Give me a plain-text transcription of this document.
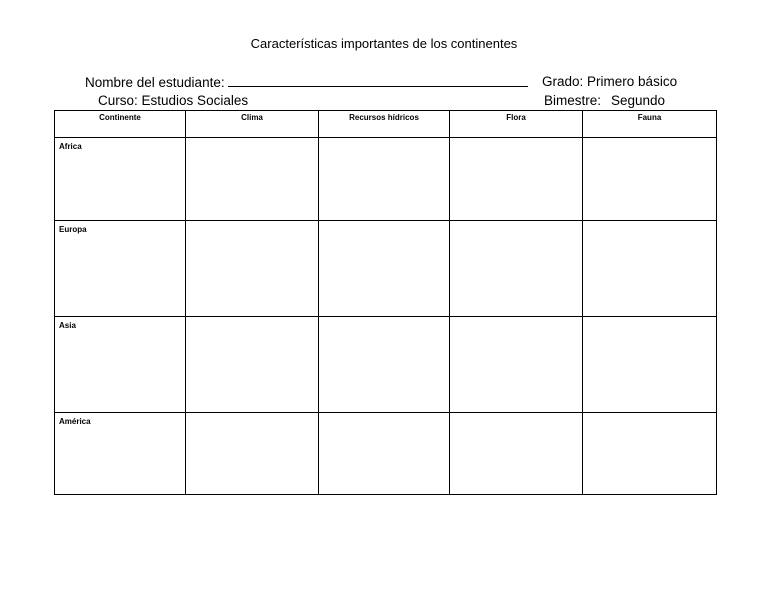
Características importantes de los continentes
Nombre del estudiante:	Grado: Primero básico
Curso: Estudios Sociales	Bimestre: Segundo
Continente	Clima	Recursos hídricos	Flora	Fauna
Africa				
Europa				
Asia				
América				
